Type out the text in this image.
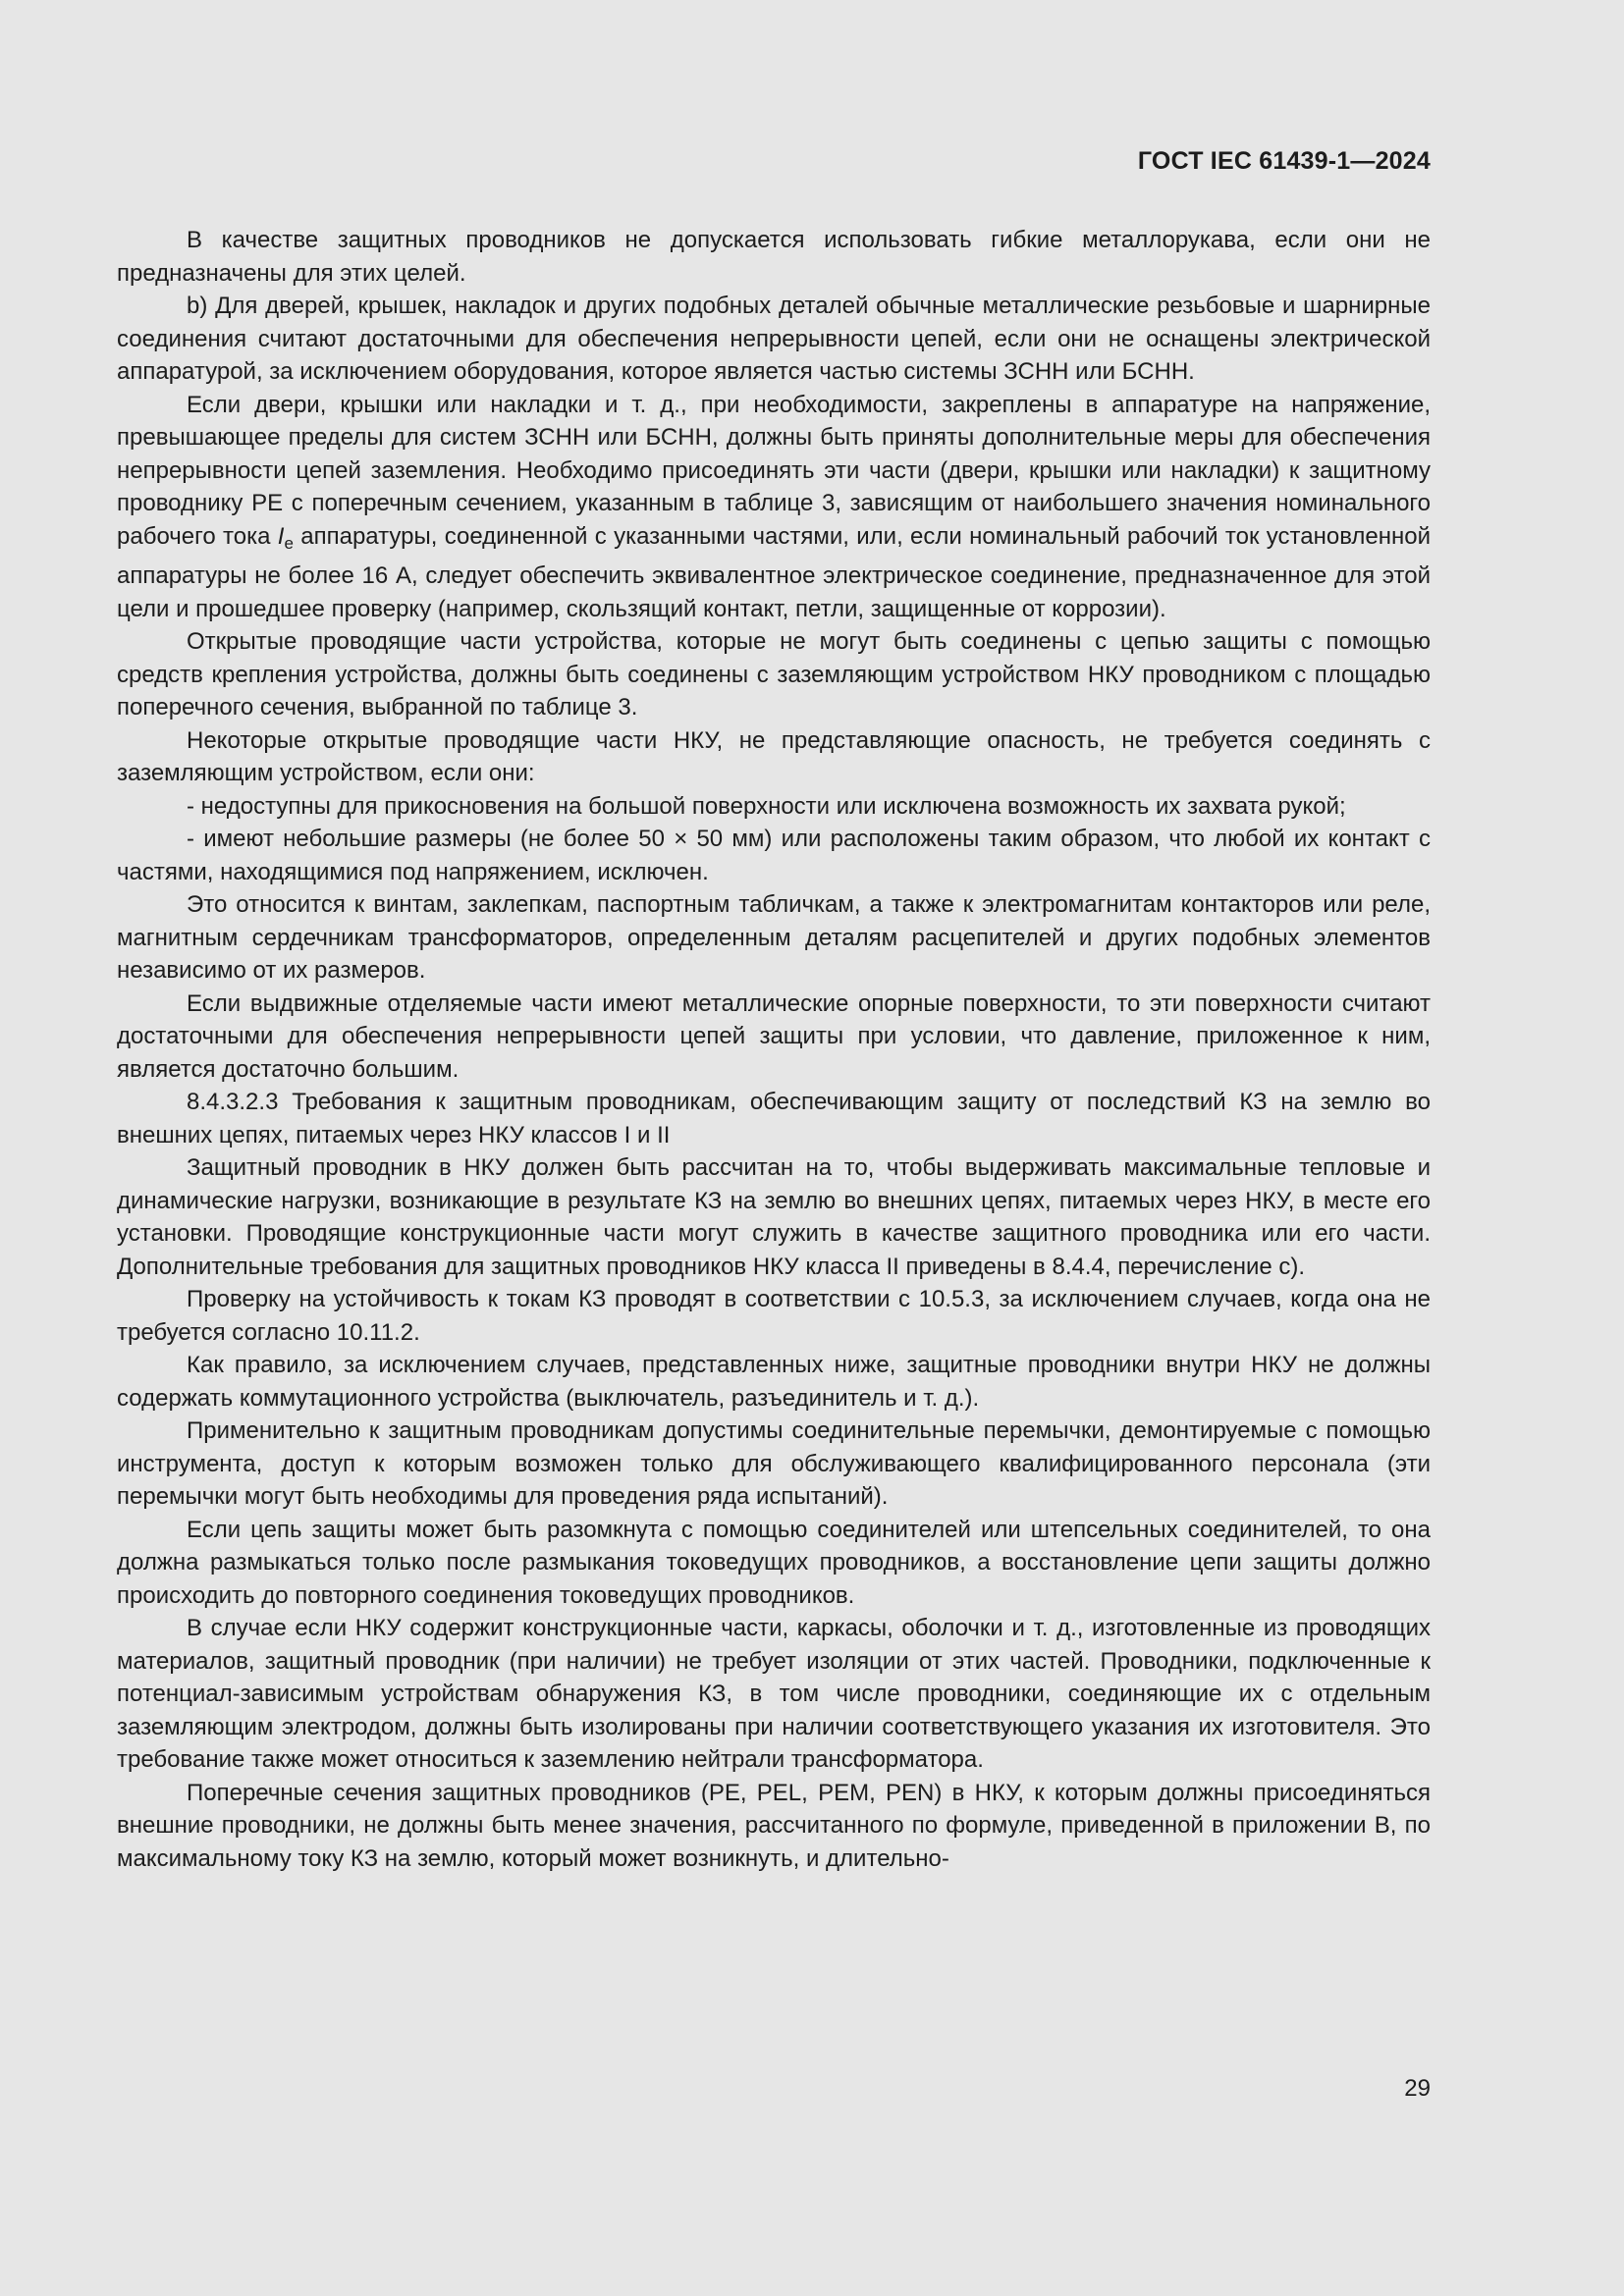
ГОСТ IEC 61439-1—2024

В качестве защитных проводников не допускается использовать гибкие металлорукава, если они не предназначены для этих целей.

b) Для дверей, крышек, накладок и других подобных деталей обычные металлические резьбовые и шарнирные соединения считают достаточными для обеспечения непрерывности цепей, если они не оснащены электрической аппаратурой, за исключением оборудования, которое является частью системы ЗСНН или БСНН.

Если двери, крышки или накладки и т. д., при необходимости, закреплены в аппаратуре на напряжение, превышающее пределы для систем ЗСНН или БСНН, должны быть приняты дополнительные меры для обеспечения непрерывности цепей заземления. Необходимо присоединять эти части (двери, крышки или накладки) к защитному проводнику PE с поперечным сечением, указанным в таблице 3, зависящим от наибольшего значения номинального рабочего тока $I_e$ аппаратуры, соединенной с указанными частями, или, если номинальный рабочий ток установленной аппаратуры не более 16 А, следует обеспечить эквивалентное электрическое соединение, предназначенное для этой цели и прошедшее проверку (например, скользящий контакт, петли, защищенные от коррозии).

Открытые проводящие части устройства, которые не могут быть соединены с цепью защиты с помощью средств крепления устройства, должны быть соединены с заземляющим устройством НКУ проводником с площадью поперечного сечения, выбранной по таблице 3.

Некоторые открытые проводящие части НКУ, не представляющие опасность, не требуется соединять с заземляющим устройством, если они:

- недоступны для прикосновения на большой поверхности или исключена возможность их захвата рукой;

- имеют небольшие размеры (не более 50 × 50 мм) или расположены таким образом, что любой их контакт с частями, находящимися под напряжением, исключен.

Это относится к винтам, заклепкам, паспортным табличкам, а также к электромагнитам контакторов или реле, магнитным сердечникам трансформаторов, определенным деталям расцепителей и других подобных элементов независимо от их размеров.

Если выдвижные отделяемые части имеют металлические опорные поверхности, то эти поверхности считают достаточными для обеспечения непрерывности цепей защиты при условии, что давление, приложенное к ним, является достаточно большим.

8.4.3.2.3 Требования к защитным проводникам, обеспечивающим защиту от последствий КЗ на землю во внешних цепях, питаемых через НКУ классов I и II

Защитный проводник в НКУ должен быть рассчитан на то, чтобы выдерживать максимальные тепловые и динамические нагрузки, возникающие в результате КЗ на землю во внешних цепях, питаемых через НКУ, в месте его установки. Проводящие конструкционные части могут служить в качестве защитного проводника или его части. Дополнительные требования для защитных проводников НКУ класса II приведены в 8.4.4, перечисление с).

Проверку на устойчивость к токам КЗ проводят в соответствии с 10.5.3, за исключением случаев, когда она не требуется согласно 10.11.2.

Как правило, за исключением случаев, представленных ниже, защитные проводники внутри НКУ не должны содержать коммутационного устройства (выключатель, разъединитель и т. д.).

Применительно к защитным проводникам допустимы соединительные перемычки, демонтируемые с помощью инструмента, доступ к которым возможен только для обслуживающего квалифицированного персонала (эти перемычки могут быть необходимы для проведения ряда испытаний).

Если цепь защиты может быть разомкнута с помощью соединителей или штепсельных соединителей, то она должна размыкаться только после размыкания токоведущих проводников, а восстановление цепи защиты должно происходить до повторного соединения токоведущих проводников.

В случае если НКУ содержит конструкционные части, каркасы, оболочки и т. д., изготовленные из проводящих материалов, защитный проводник (при наличии) не требует изоляции от этих частей. Проводники, подключенные к потенциал-зависимым устройствам обнаружения КЗ, в том числе проводники, соединяющие их с отдельным заземляющим электродом, должны быть изолированы при наличии соответствующего указания их изготовителя. Это требование также может относиться к заземлению нейтрали трансформатора.

Поперечные сечения защитных проводников (PE, PEL, PEM, PEN) в НКУ, к которым должны присоединяться внешние проводники, не должны быть менее значения, рассчитанного по формуле, приведенной в приложении В, по максимальному току КЗ на землю, который может возникнуть, и длительно-

29
